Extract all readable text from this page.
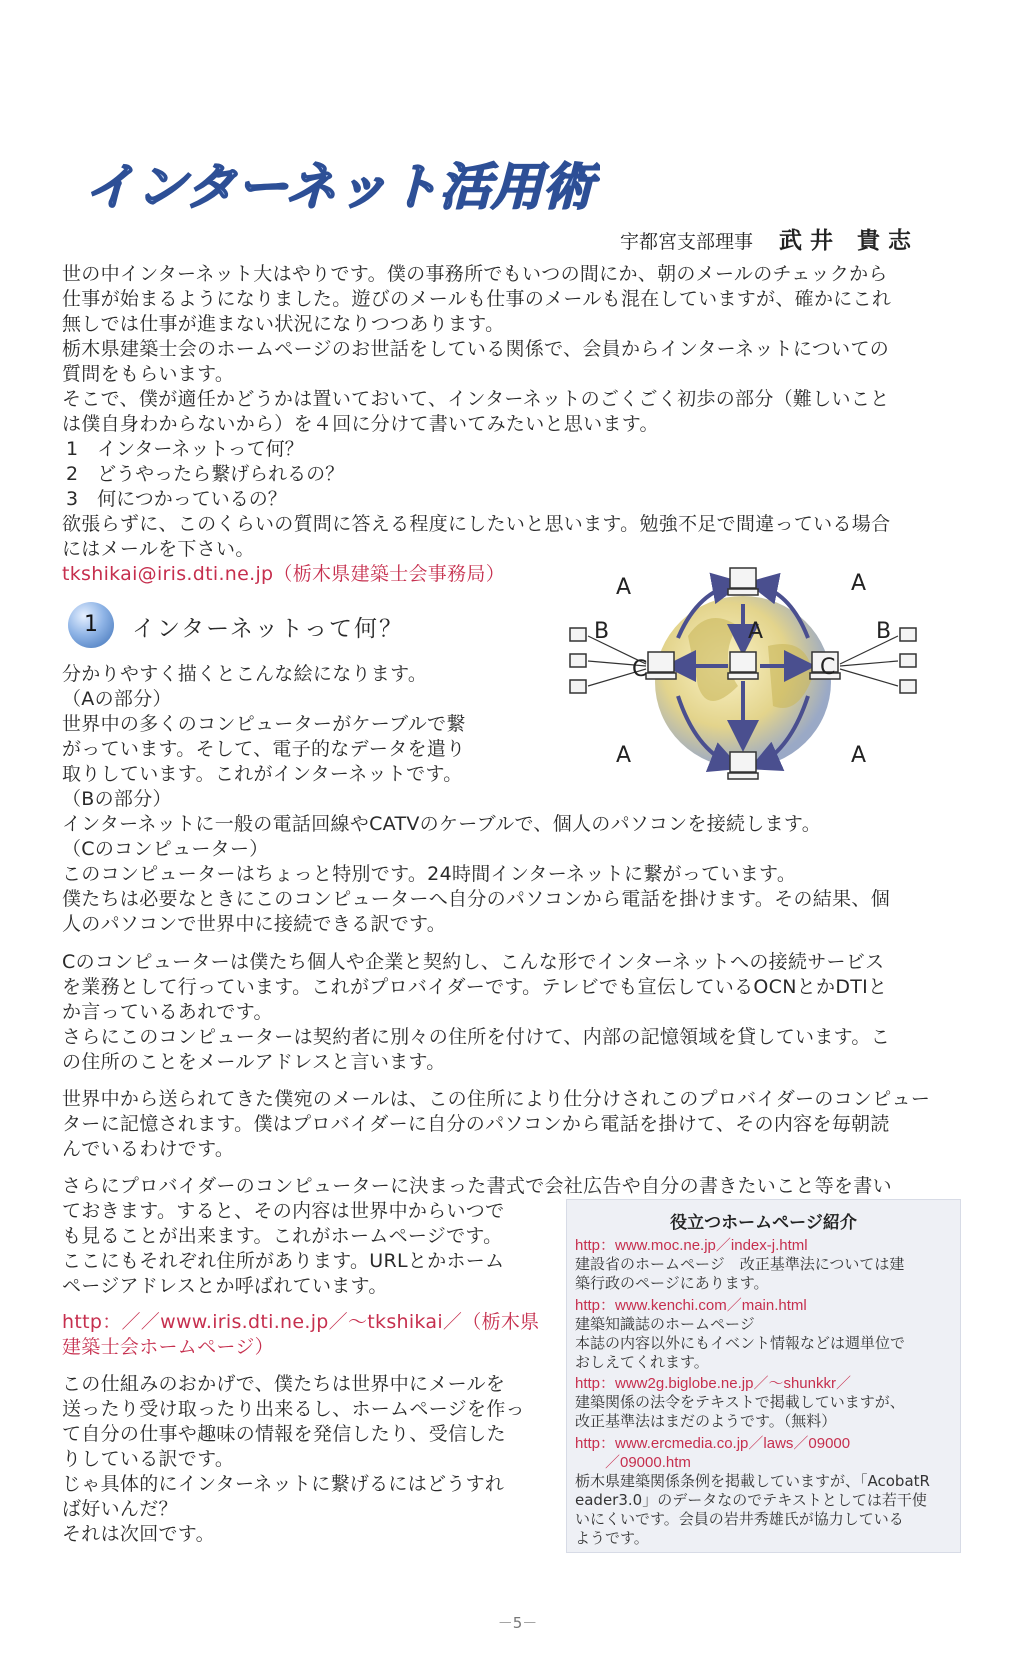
インターネット活用術
宇都宮支部理事 武井 貴志

世の中インターネット大はやりです。僕の事務所でもいつの間にか、朝のメールのチェックから
仕事が始まるようになりました。遊びのメールも仕事のメールも混在していますが、確かにこれ
無しでは仕事が進まない状況になりつつあります。
栃木県建築士会のホームページのお世話をしている関係で、会員からインターネットについての
質問をもらいます。
そこで、僕が適任かどうかは置いておいて、インターネットのごくごく初歩の部分（難しいこと
は僕自身わからないから）を４回に分けて書いてみたいと思います。

1　インターネットって何？
2　どうやったら繋げられるの？
3　何につかっているの？

欲張らずに、このくらいの質問に答える程度にしたいと思います。勉強不足で間違っている場合
にはメールを下さい。

tkshikai@iris.dti.ne.jp（栃木県建築士会事務局）
1	インターネットって何？
A	A
A
A	A
B	B
C	C

分かりやすく描くとこんな絵になります。
（Aの部分）
世界中の多くのコンピューターがケーブルで繋
がっています。そして、電子的なデータを遣り
取りしています。これがインターネットです。
（Bの部分）

インターネットに一般の電話回線やCATVのケーブルで、個人のパソコンを接続します。
（Cのコンピューター）
このコンピューターはちょっと特別です。24時間インターネットに繋がっています。
僕たちは必要なときにこのコンピューターへ自分のパソコンから電話を掛けます。その結果、個
人のパソコンで世界中に接続できる訳です。

Cのコンピューターは僕たち個人や企業と契約し、こんな形でインターネットへの接続サービス
を業務として行っています。これがプロバイダーです。テレビでも宣伝しているOCNとかDTIと
か言っているあれです。
さらにこのコンピューターは契約者に別々の住所を付けて、内部の記憶領域を貸しています。こ
の住所のことをメールアドレスと言います。

世界中から送られてきた僕宛のメールは、この住所により仕分けされこのプロバイダーのコンピュー
ターに記憶されます。僕はプロバイダーに自分のパソコンから電話を掛けて、その内容を毎朝読
んでいるわけです。

さらにプロバイダーのコンピューターに決まった書式で会社広告や自分の書きたいこと等を書い

ておきます。すると、その内容は世界中からいつで
も見ることが出来ます。これがホームページです。
ここにもそれぞれ住所があります。URLとかホーム
ページアドレスとか呼ばれています。

http：／／www.iris.dti.ne.jp／～tkshikai／（栃木県
建築士会ホームページ）

この仕組みのおかげで、僕たちは世界中にメールを
送ったり受け取ったり出来るし、ホームページを作っ
て自分の仕事や趣味の情報を発信したり、受信した
りしている訳です。
じゃ具体的にインターネットに繋げるにはどうすれ
ば好いんだ？
それは次回です。

役立つホームページ紹介
http：www.moc.ne.jp／index-j.html
建設省のホームページ　改正基準法については建
築行政のページにあります。
http：www.kenchi.com／main.html
建築知識誌のホームページ
本誌の内容以外にもイベント情報などは週単位で
おしえてくれます。
http：www2g.biglobe.ne.jp／～shunkkr／
建築関係の法令をテキストで掲載していますが、
改正基準法はまだのようです。（無料）
http：www.ercmedia.co.jp／laws／09000
　　／09000.htm
栃木県建築関係条例を掲載していますが、「AcobatR
eader3.0」のデータなのでテキストとしては若干使
いにくいです。会員の岩井秀雄氏が協力している
ようです。
－5－
